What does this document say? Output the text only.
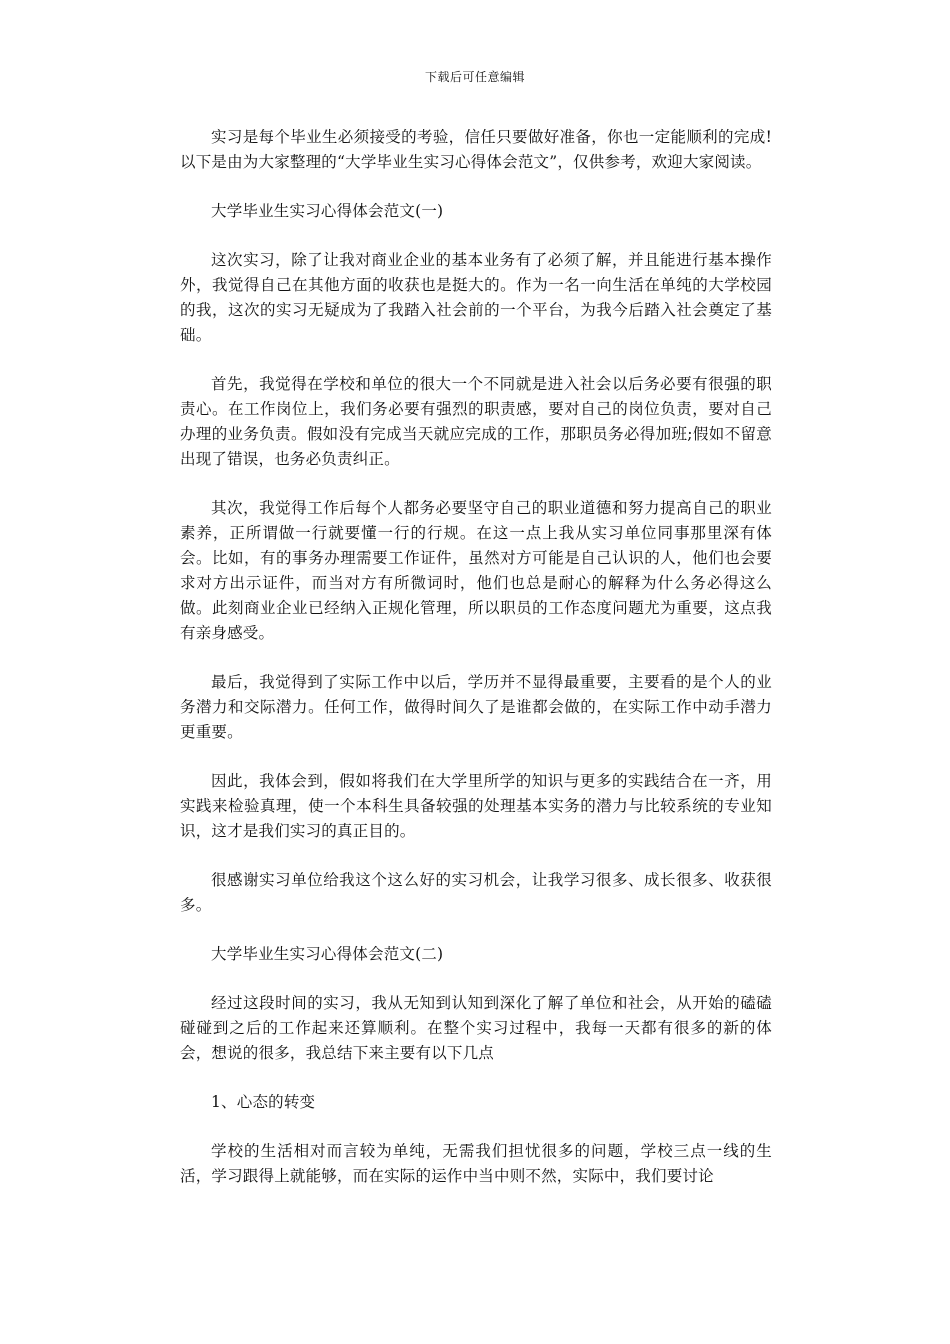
下载后可任意编辑

实习是每个毕业生必须接受的考验，信任只要做好准备，你也一定能顺利的完成!以下是由为大家整理的“大学毕业生实习心得体会范文”，仅供参考，欢迎大家阅读。

大学毕业生实习心得体会范文(一)

这次实习，除了让我对商业企业的基本业务有了必须了解，并且能进行基本操作外，我觉得自己在其他方面的收获也是挺大的。作为一名一向生活在单纯的大学校园的我，这次的实习无疑成为了我踏入社会前的一个平台，为我今后踏入社会奠定了基础。

首先，我觉得在学校和单位的很大一个不同就是进入社会以后务必要有很强的职责心。在工作岗位上，我们务必要有强烈的职责感，要对自己的岗位负责，要对自己办理的业务负责。假如没有完成当天就应完成的工作，那职员务必得加班;假如不留意出现了错误，也务必负责纠正。

其次，我觉得工作后每个人都务必要坚守自己的职业道德和努力提高自己的职业素养，正所谓做一行就要懂一行的行规。在这一点上我从实习单位同事那里深有体会。比如，有的事务办理需要工作证件，虽然对方可能是自己认识的人，他们也会要求对方出示证件，而当对方有所微词时，他们也总是耐心的解释为什么务必得这么做。此刻商业企业已经纳入正规化管理，所以职员的工作态度问题尤为重要，这点我有亲身感受。

最后，我觉得到了实际工作中以后，学历并不显得最重要，主要看的是个人的业务潜力和交际潜力。任何工作，做得时间久了是谁都会做的，在实际工作中动手潜力更重要。

因此，我体会到，假如将我们在大学里所学的知识与更多的实践结合在一齐，用实践来检验真理，使一个本科生具备较强的处理基本实务的潜力与比较系统的专业知识，这才是我们实习的真正目的。

很感谢实习单位给我这个这么好的实习机会，让我学习很多、成长很多、收获很多。

大学毕业生实习心得体会范文(二)

经过这段时间的实习，我从无知到认知到深化了解了单位和社会，从开始的磕磕碰碰到之后的工作起来还算顺利。在整个实习过程中，我每一天都有很多的新的体会，想说的很多，我总结下来主要有以下几点

1、心态的转变

学校的生活相对而言较为单纯，无需我们担忧很多的问题，学校三点一线的生活，学习跟得上就能够，而在实际的运作中当中则不然，实际中，我们要讨论
